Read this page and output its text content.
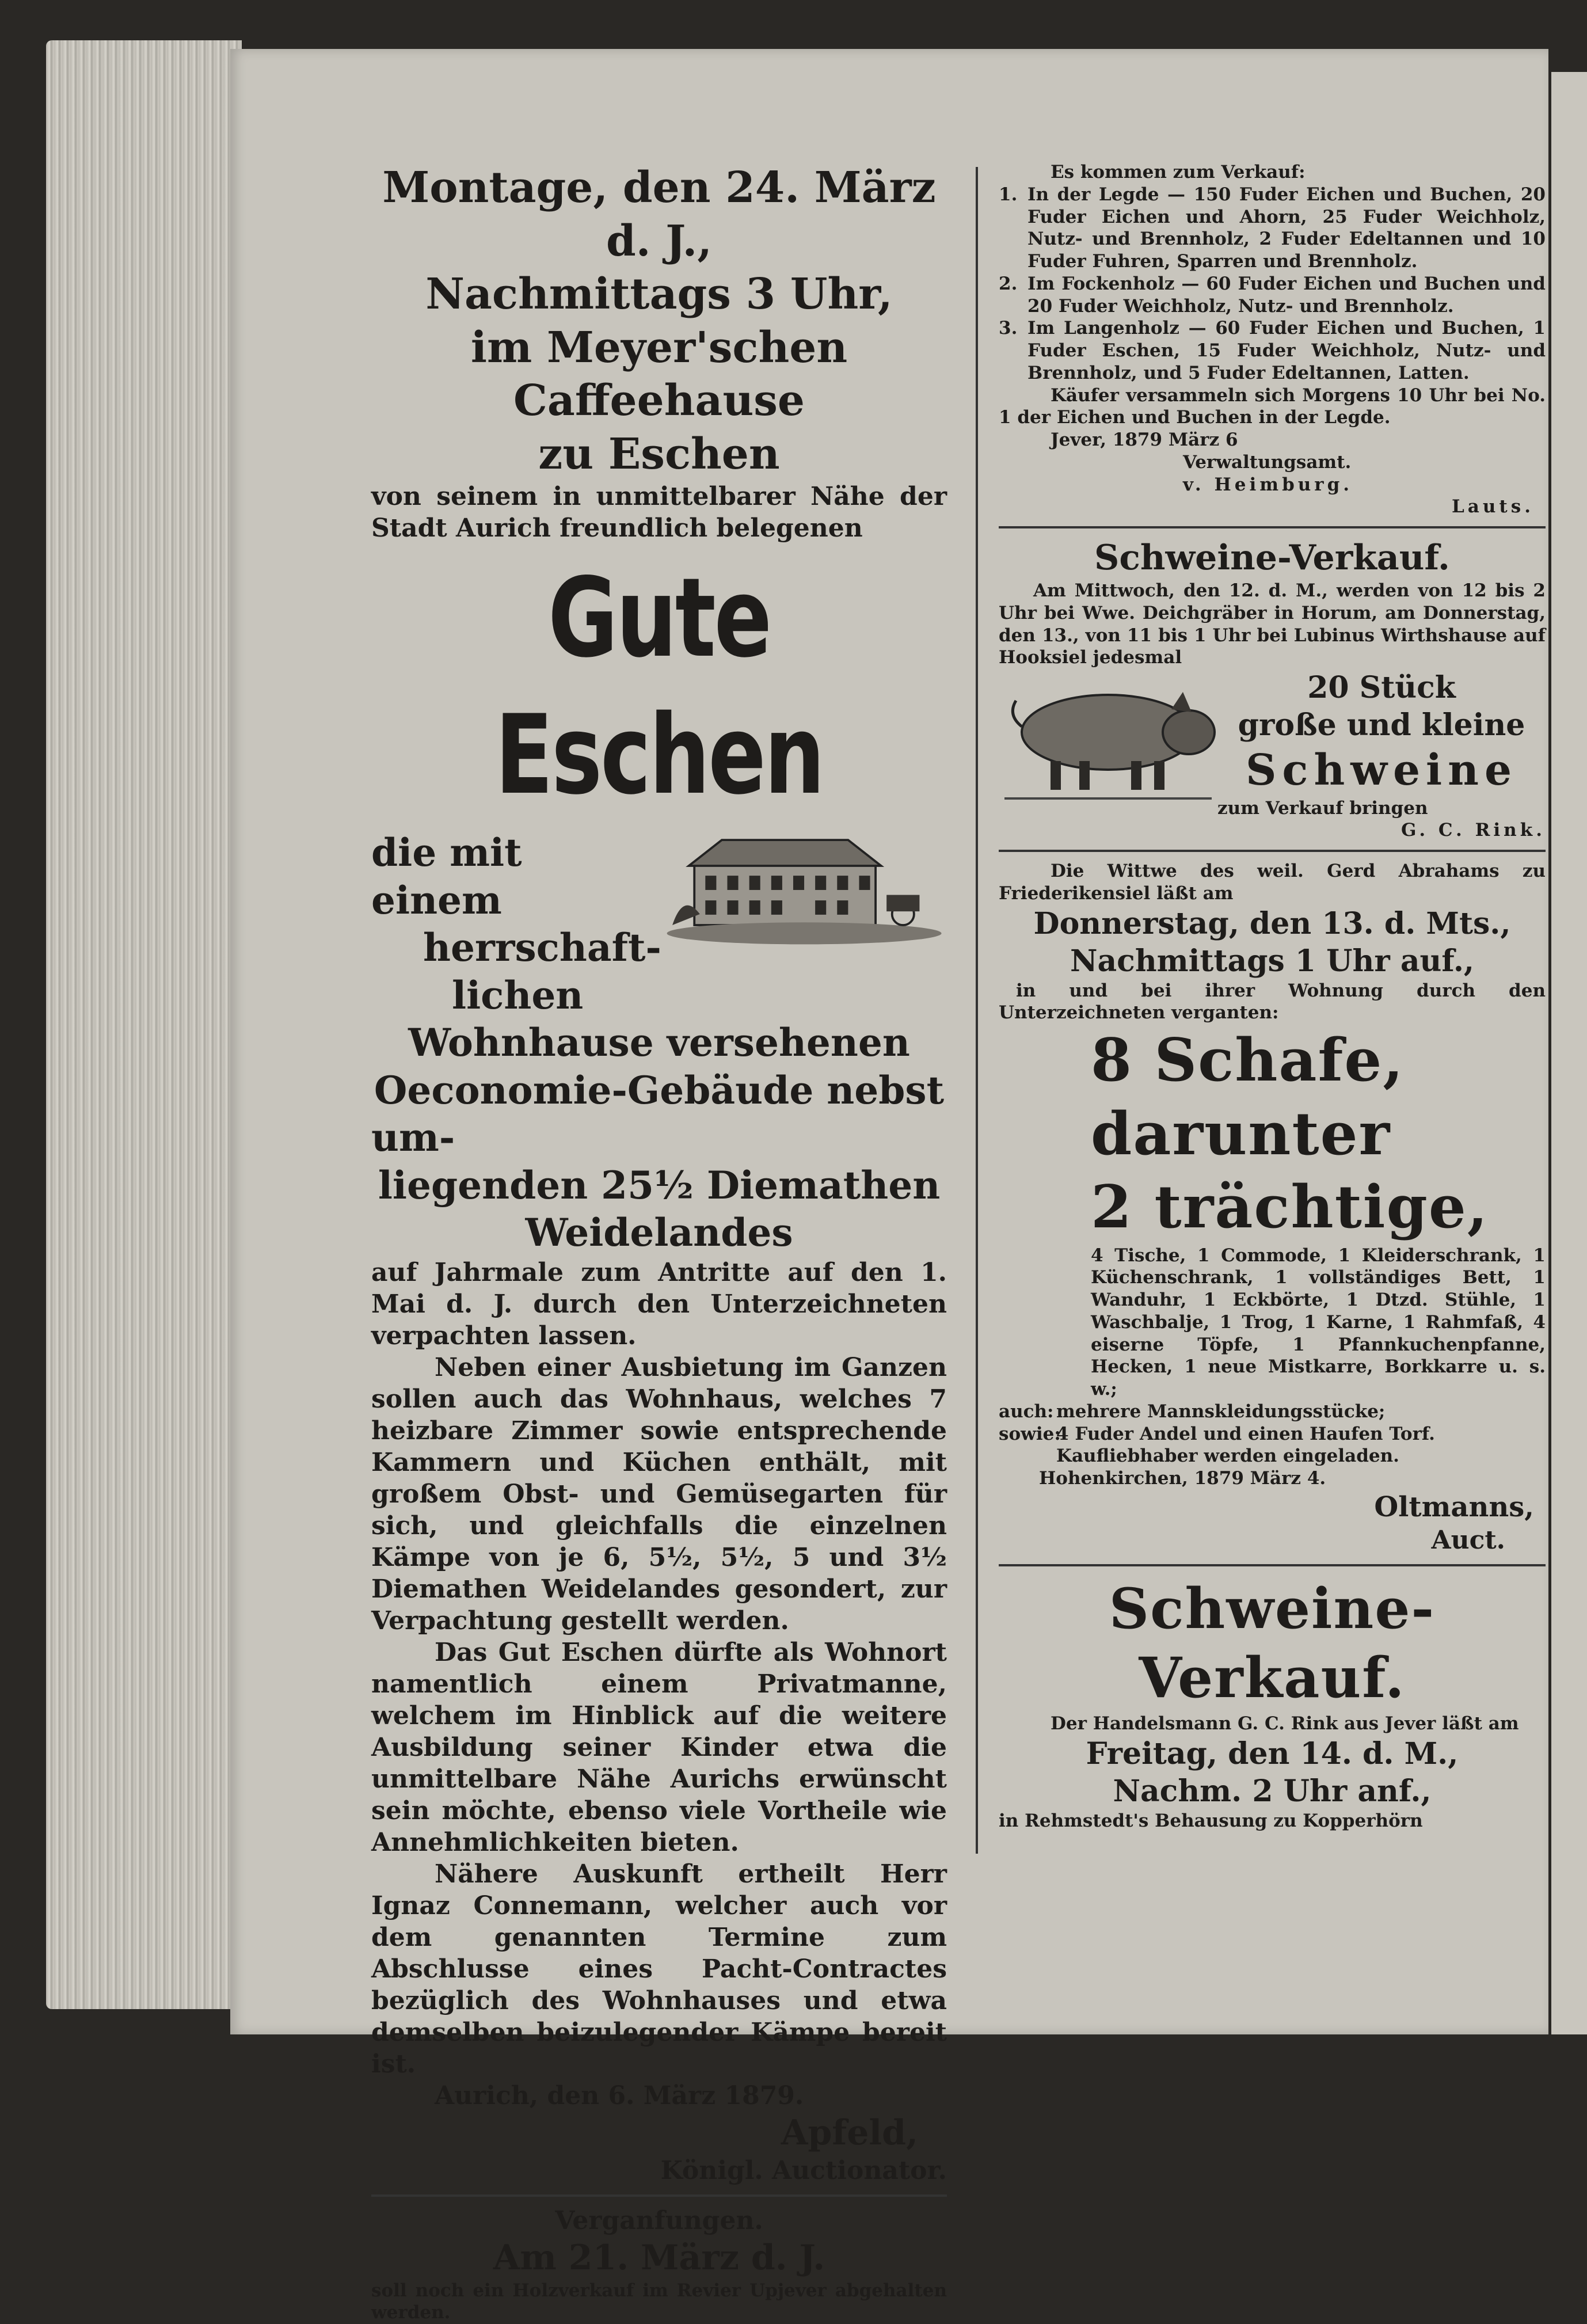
Montage, den 24. März d. J.,

Nachmittags 3 Uhr,

im Meyer'schen Caffeehause

zu Eschen

von seinem in unmittelbarer Nähe der

Stadt Aurich freundlich belegenen

Gute Eschen

die mit einem

herrschaft-

lichen

Wohnhause versehenen

Oeconomie-Gebäude nebst um-

liegenden 25½ Diemathen

Weidelandes

auf Jahrmale zum Antritte auf den 1. Mai d. J. durch den Unterzeichneten verpachten lassen.

Neben einer Ausbietung im Ganzen sollen auch das Wohnhaus, welches 7 heizbare Zimmer sowie entsprechende Kammern und Küchen enthält, mit großem Obst- und Gemüsegarten für sich, und gleichfalls die einzelnen Kämpe von je 6, 5½, 5½, 5 und 3½ Diemathen Weidelandes gesondert, zur Verpachtung gestellt werden.

Das Gut Eschen dürfte als Wohnort namentlich einem Privatmanne, welchem im Hinblick auf die weitere Ausbildung seiner Kinder etwa die unmittelbare Nähe Aurichs erwünscht sein möchte, ebenso viele Vortheile wie Annehmlichkeiten bieten.

Nähere Auskunft ertheilt Herr Ignaz Connemann, welcher auch vor dem genannten Termine zum Abschlusse eines Pacht-Contractes bezüglich des Wohnhauses und etwa demselben beizulegender Kämpe bereit ist.

Aurich, den 6. März 1879.

Apfeld,

Königl. Auctionator.

Verganfungen.

Am 21. März d. J.

soll noch ein Holzverkauf im Revier Upjever abgehalten werden.

Es kommen zum Verkauf:

1. In der Legde — 150 Fuder Eichen und Buchen, 20 Fuder Eichen und Ahorn, 25 Fuder Weichholz, Nutz- und Brennholz, 2 Fuder Edeltannen und 10 Fuder Fuhren, Sparren und Brennholz.
2. Im Fockenholz — 60 Fuder Eichen und Buchen und 20 Fuder Weichholz, Nutz- und Brennholz.
3. Im Langenholz — 60 Fuder Eichen und Buchen, 1 Fuder Eschen, 15 Fuder Weichholz, Nutz- und Brennholz, und 5 Fuder Edeltannen, Latten.

Käufer versammeln sich Morgens 10 Uhr bei No. 1 der Eichen und Buchen in der Legde.

Jever, 1879 März 6

Verwaltungsamt.

v. Heimburg.

Lauts.

Schweine-Verkauf.

Am Mittwoch, den 12. d. M., werden von 12 bis 2 Uhr bei Wwe. Deichgräber in Horum, am Donnerstag, den 13., von 11 bis 1 Uhr bei Lubinus Wirthshause auf Hooksiel jedesmal

20 Stück

große und kleine

Schweine

zum Verkauf bringen

G. C. Rink.

Die Wittwe des weil. Gerd Abrahams zu Friederikensiel läßt am

Donnerstag, den 13. d. Mts.,

Nachmittags 1 Uhr auf.,

in und bei ihrer Wohnung durch den Unterzeichneten verganten:

8 Schafe, darunter

2 trächtige,

4 Tische, 1 Commode, 1 Kleiderschrank, 1 Küchenschrank, 1 vollständiges Bett, 1 Wanduhr, 1 Eckbörte, 1 Dtzd. Stühle, 1 Waschbalje, 1 Trog, 1 Karne, 1 Rahmfaß, 4 eiserne Töpfe, 1 Pfannkuchenpfanne, Hecken, 1 neue Mistkarre, Borkkarre u. s. w.;

auch: mehrere Mannskleidungsstücke;
sowie:
4 Fuder Andel und einen Haufen Torf.

Kaufliebhaber werden eingeladen.

Hohenkirchen, 1879 März 4.

Oltmanns,

Auct.

Schweine-Verkauf.

Der Handelsmann G. C. Rink aus Jever läßt am

Freitag, den 14. d. M.,

Nachm. 2 Uhr anf.,

in Rehmstedt's Behausung zu Kopperhörn
